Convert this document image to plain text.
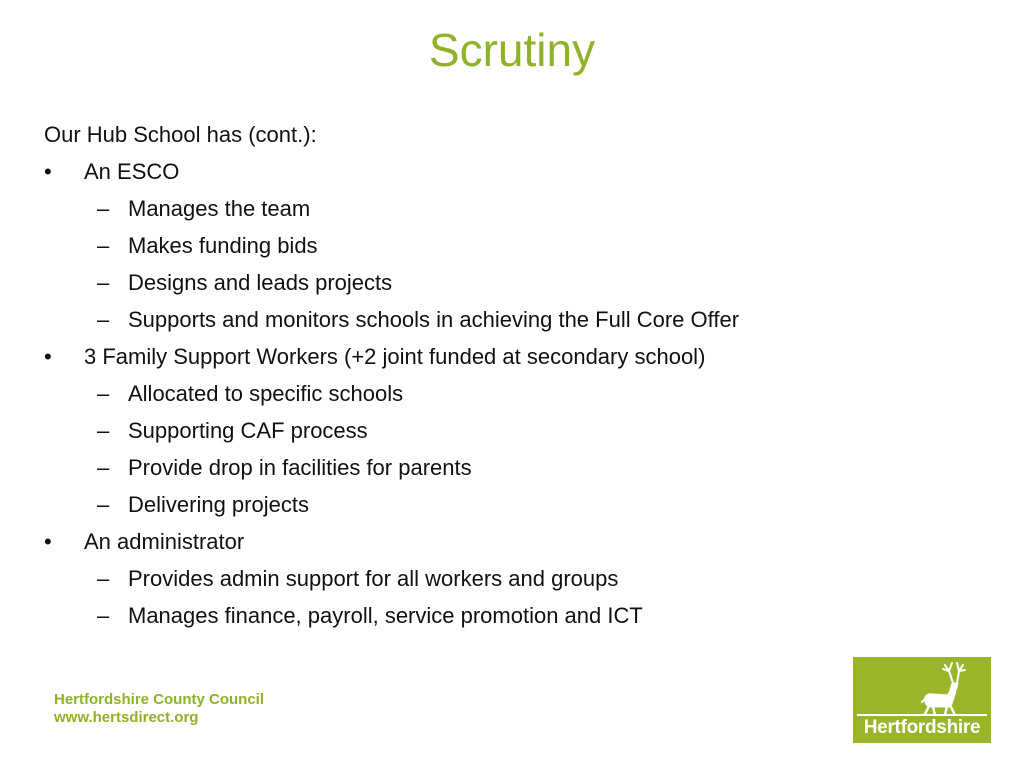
Scrutiny
Our Hub School has (cont.):
• An ESCO
– Manages the team
– Makes funding bids
– Designs and leads projects
– Supports and monitors schools in achieving the Full Core Offer
• 3 Family Support Workers (+2 joint funded at secondary school)
– Allocated to specific schools
– Supporting CAF process
– Provide drop in facilities for parents
– Delivering projects
• An administrator
– Provides admin support for all workers and groups
– Manages finance, payroll, service promotion and ICT
Hertfordshire County Council
www.hertsdirect.org	Hertfordshire
